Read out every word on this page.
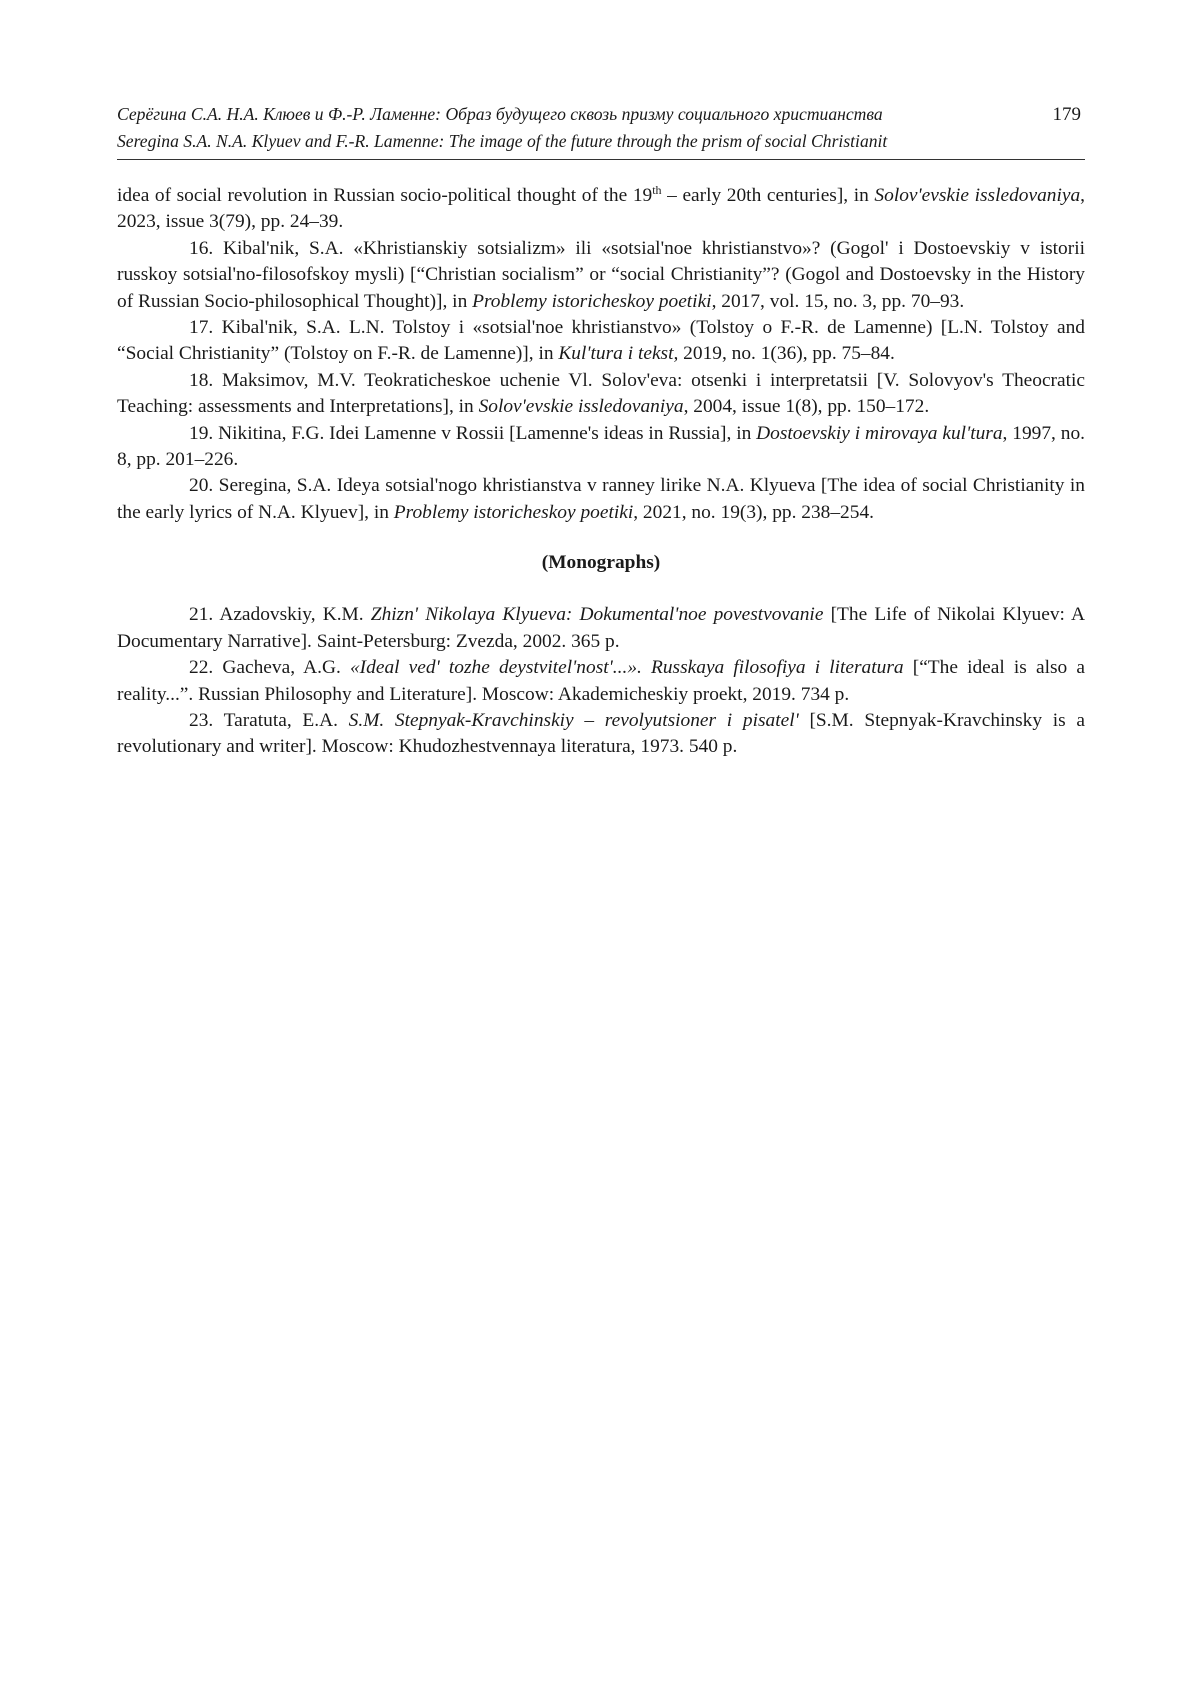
Серёгина С.А. Н.А. Клюев и Ф.-Р. Ламенне: Образ будущего сквозь призму социального христианства
Seregina S.A. N.A. Klyuev and F.-R. Lamenne: The image of the future through the prism of social Christianit
179

idea of social revolution in Russian socio-political thought of the 19th – early 20th centuries], in Solov'evskie issledovaniya, 2023, issue 3(79), pp. 24–39.

16. Kibal'nik, S.A. «Khristianskiy sotsializm» ili «sotsial'noe khristianstvo»? (Gogol' i Dostoevskiy v istorii russkoy sotsial'no-filosofskoy mysli) [“Christian socialism” or “social Christianity”? (Gogol and Dostoevsky in the History of Russian Socio-philosophical Thought)], in Problemy istoricheskoy poetiki, 2017, vol. 15, no. 3, pp. 70–93.

17. Kibal'nik, S.A. L.N. Tolstoy i «sotsial'noe khristianstvo» (Tolstoy o F.-R. de Lamenne) [L.N. Tolstoy and “Social Christianity” (Tolstoy on F.-R. de Lamenne)], in Kul'tura i tekst, 2019, no. 1(36), pp. 75–84.

18. Maksimov, M.V. Teokraticheskoe uchenie Vl. Solov'eva: otsenki i interpretatsii [V. Solovyov's Theocratic Teaching: assessments and Interpretations], in Solov'evskie issledovaniya, 2004, issue 1(8), pp. 150–172.

19. Nikitina, F.G. Idei Lamenne v Rossii [Lamenne's ideas in Russia], in Dostoevskiy i mirovaya kul'tura, 1997, no. 8, pp. 201–226.

20. Seregina, S.A. Ideya sotsial'nogo khristianstva v ranney lirike N.A. Klyueva [The idea of social Christianity in the early lyrics of N.A. Klyuev], in Problemy istoricheskoy poetiki, 2021, no. 19(3), pp. 238–254.

(Monographs)

21. Azadovskiy, K.M. Zhizn' Nikolaya Klyueva: Dokumental'noe povestvovanie [The Life of Nikolai Klyuev: A Documentary Narrative]. Saint-Petersburg: Zvezda, 2002. 365 p.

22. Gacheva, A.G. «Ideal ved' tozhe deystvitel'nost'...». Russkaya filosofiya i literatura [“The ideal is also a reality...”. Russian Philosophy and Literature]. Moscow: Akademicheskiy proekt, 2019. 734 p.

23. Taratuta, E.A. S.M. Stepnyak-Kravchinskiy – revolyutsioner i pisatel' [S.M. Stepnyak-Kravchinsky is a revolutionary and writer]. Moscow: Khudozhestvennaya literatura, 1973. 540 p.
